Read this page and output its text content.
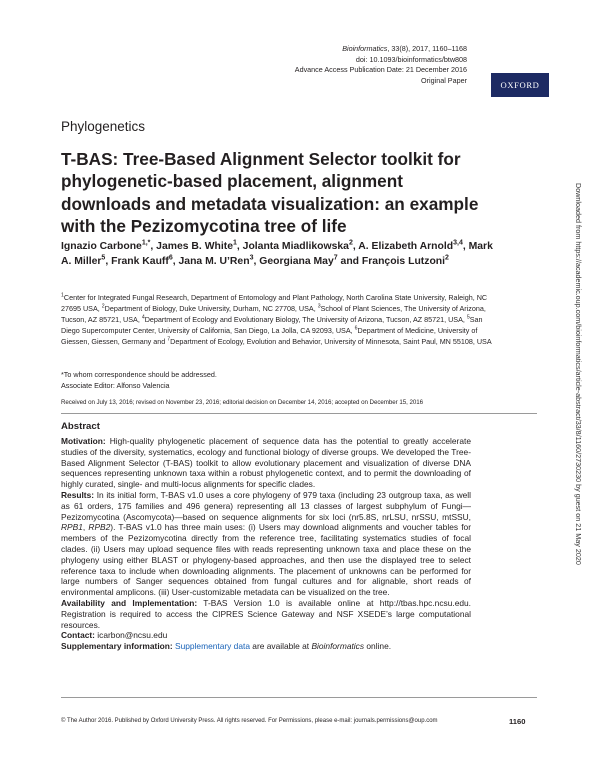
Bioinformatics, 33(8), 2017, 1160–1168
doi: 10.1093/bioinformatics/btw808
Advance Access Publication Date: 21 December 2016
Original Paper	OXFORD
Phylogenetics
T-BAS: Tree-Based Alignment Selector toolkit for phylogenetic-based placement, alignment downloads and metadata visualization: an example with the Pezizomycotina tree of life
Ignazio Carbone$^{1,*}$, James B. White$^1$, Jolanta Miadlikowska$^2$, A. Elizabeth Arnold$^{3,4}$, Mark A. Miller$^5$, Frank Kauff$^6$, Jana M. U’Ren$^3$, Georgiana May$^7$ and François Lutzoni$^2$
$^1$Center for Integrated Fungal Research, Department of Entomology and Plant Pathology, North Carolina State University, Raleigh, NC 27695 USA, $^2$Department of Biology, Duke University, Durham, NC 27708, USA, $^3$School of Plant Sciences, The University of Arizona, Tucson, AZ 85721, USA, $^4$Department of Ecology and Evolutionary Biology, The University of Arizona, Tucson, AZ 85721, USA, $^5$San Diego Supercomputer Center, University of California, San Diego, La Jolla, CA 92093, USA, $^6$Department of Medicine, University of Giessen, Giessen, Germany and $^7$Department of Ecology, Evolution and Behavior, University of Minnesota, Saint Paul, MN 55108, USA
*To whom correspondence should be addressed.
Associate Editor: Alfonso Valencia
Received on July 13, 2016; revised on November 23, 2016; editorial decision on December 14, 2016; accepted on December 15, 2016
Abstract

Motivation: High-quality phylogenetic placement of sequence data has the potential to greatly accelerate studies of the diversity, systematics, ecology and functional biology of diverse groups. We developed the Tree-Based Alignment Selector (T-BAS) toolkit to allow evolutionary placement and visualization of diverse DNA sequences representing unknown taxa within a robust phylogenetic context, and to permit the downloading of highly curated, single- and multi-locus alignments for specific clades.

Results: In its initial form, T-BAS v1.0 uses a core phylogeny of 979 taxa (including 23 outgroup taxa, as well as 61 orders, 175 families and 496 genera) representing all 13 classes of largest subphylum of Fungi—Pezizomycotina (Ascomycota)—based on sequence alignments for six loci (nr5.8S, nrLSU, nrSSU, mtSSU, RPB1, RPB2). T-BAS v1.0 has three main uses: (i) Users may download alignments and voucher tables for members of the Pezizomycotina directly from the reference tree, facilitating systematics studies of focal clades. (ii) Users may upload sequence files with reads representing unknown taxa and place these on the phylogeny using either BLAST or phylogeny-based approaches, and then use the displayed tree to select reference taxa to include when downloading alignments. The placement of unknowns can be performed for large numbers of Sanger sequences obtained from fungal cultures and for alignable, short reads of environmental amplicons. (iii) User-customizable metadata can be visualized on the tree.

Availability and Implementation: T-BAS Version 1.0 is available online at http://tbas.hpc.ncsu.edu. Registration is required to access the CIPRES Science Gateway and NSF XSEDE’s large computational resources.

Contact: icarbon@ncsu.edu

Supplementary information: Supplementary data are available at Bioinformatics online.

Downloaded from https://academic.oup.com/bioinformatics/article-abstract/33/8/1160/2730230 by guest on 21 May 2020
© The Author 2016. Published by Oxford University Press. All rights reserved. For Permissions, please e-mail: journals.permissions@oup.com	1160
